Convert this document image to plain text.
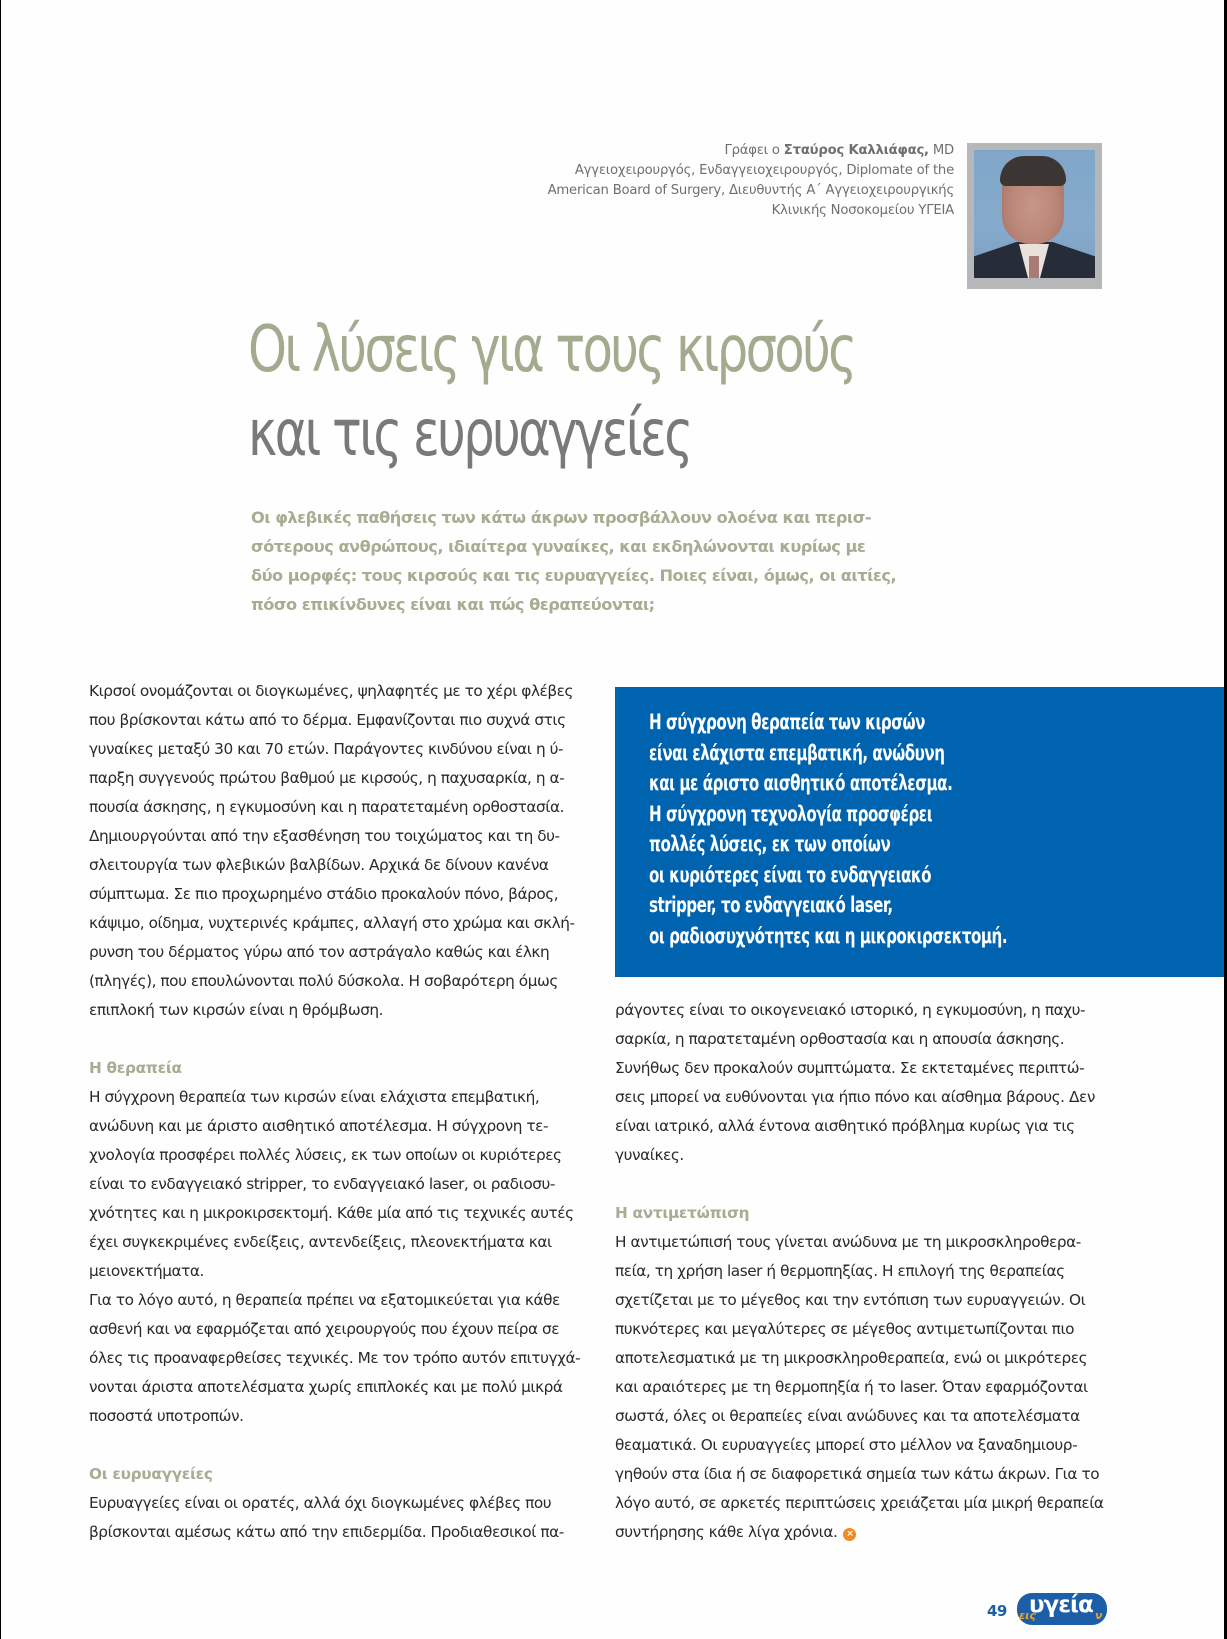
Γράφει ο Σταύρος Καλλιάφας, MD
Αγγειοχειρουργός, Ενδαγγειοχειρουργός, Diplomate of the
American Board of Surgery, Διευθυντής Α΄ Αγγειοχειρουργικής
Κλινικής Νοσοκομείου ΥΓΕΙΑ
Οι λύσεις για τους κιρσούς
και τις ευρυαγγείες
Οι φλεβικές παθήσεις των κάτω άκρων προσβάλλουν ολοένα και περισ-
σότερους ανθρώπους, ιδιαίτερα γυναίκες, και εκδηλώνονται κυρίως με
δύο μορφές: τους κιρσούς και τις ευρυαγγείες. Ποιες είναι, όμως, οι αιτίες,
πόσο επικίνδυνες είναι και πώς θεραπεύονται;
Κιρσοί ονομάζονται οι διογκωμένες, ψηλαφητές με το χέρι φλέβες
που βρίσκονται κάτω από το δέρμα. Εμφανίζονται πιο συχνά στις
γυναίκες μεταξύ 30 και 70 ετών. Παράγοντες κινδύνου είναι η ύ-
παρξη συγγενούς πρώτου βαθμού με κιρσούς, η παχυσαρκία, η α-
πουσία άσκησης, η εγκυμοσύνη και η παρατεταμένη ορθοστασία.
Δημιουργούνται από την εξασθένηση του τοιχώματος και τη δυ-
σλειτουργία των φλεβικών βαλβίδων. Αρχικά δε δίνουν κανένα
σύμπτωμα. Σε πιο προχωρημένο στάδιο προκαλούν πόνο, βάρος,
κάψιμο, οίδημα, νυχτερινές κράμπες, αλλαγή στο χρώμα και σκλή-
ρυνση του δέρματος γύρω από τον αστράγαλο καθώς και έλκη
(πληγές), που επουλώνονται πολύ δύσκολα. Η σοβαρότερη όμως
επιπλοκή των κιρσών είναι η θρόμβωση.
Η θεραπεία
Η σύγχρονη θεραπεία των κιρσών είναι ελάχιστα επεμβατική,
ανώδυνη και με άριστο αισθητικό αποτέλεσμα. Η σύγχρονη τε-
χνολογία προσφέρει πολλές λύσεις, εκ των οποίων οι κυριότερες
είναι το ενδαγγειακό stripper, το ενδαγγειακό laser, οι ραδιοσυ-
χνότητες και η μικροκιρσεκτομή. Κάθε μία από τις τεχνικές αυτές
έχει συγκεκριμένες ενδείξεις, αντενδείξεις, πλεονεκτήματα και
μειονεκτήματα.
Για το λόγο αυτό, η θεραπεία πρέπει να εξατομικεύεται για κάθε
ασθενή και να εφαρμόζεται από χειρουργούς που έχουν πείρα σε
όλες τις προαναφερθείσες τεχνικές. Με τον τρόπο αυτόν επιτυγχά-
νονται άριστα αποτελέσματα χωρίς επιπλοκές και με πολύ μικρά
ποσοστά υποτροπών.
Οι ευρυαγγείες
Ευρυαγγείες είναι οι ορατές, αλλά όχι διογκωμένες φλέβες που
βρίσκονται αμέσως κάτω από την επιδερμίδα. Προδιαθεσικοί πα-
Η σύγχρονη θεραπεία των κιρσών
είναι ελάχιστα επεμβατική, ανώδυνη
και με άριστο αισθητικό αποτέλεσμα.
Η σύγχρονη τεχνολογία προσφέρει
πολλές λύσεις, εκ των οποίων
οι κυριότερες είναι το ενδαγγειακό
stripper, το ενδαγγειακό laser,
οι ραδιοσυχνότητες και η μικροκιρσεκτομή.
ράγοντες είναι το οικογενειακό ιστορικό, η εγκυμοσύνη, η παχυ-
σαρκία, η παρατεταμένη ορθοστασία και η απουσία άσκησης.
Συνήθως δεν προκαλούν συμπτώματα. Σε εκτεταμένες περιπτώ-
σεις μπορεί να ευθύνονται για ήπιο πόνο και αίσθημα βάρους. Δεν
είναι ιατρικό, αλλά έντονα αισθητικό πρόβλημα κυρίως για τις
γυναίκες.
Η αντιμετώπιση
Η αντιμετώπισή τους γίνεται ανώδυνα με τη μικροσκληροθερα-
πεία, τη χρήση laser ή θερμοπηξίας. Η επιλογή της θεραπείας
σχετίζεται με το μέγεθος και την εντόπιση των ευρυαγγειών. Οι
πυκνότερες και μεγαλύτερες σε μέγεθος αντιμετωπίζονται πιο
αποτελεσματικά με τη μικροσκληροθεραπεία, ενώ οι μικρότερες
και αραιότερες με τη θερμοπηξία ή το laser. Όταν εφαρμόζονται
σωστά, όλες οι θεραπείες είναι ανώδυνες και τα αποτελέσματα
θεαματικά. Οι ευρυαγγείες μπορεί στο μέλλον να ξαναδημιουρ-
γηθούν στα ίδια ή σε διαφορετικά σημεία των κάτω άκρων. Για το
λόγο αυτό, σε αρκετές περιπτώσεις χρειάζεται μία μικρή θεραπεία
συντήρησης κάθε λίγα χρόνια. ×
49 εις
υγεία ν
